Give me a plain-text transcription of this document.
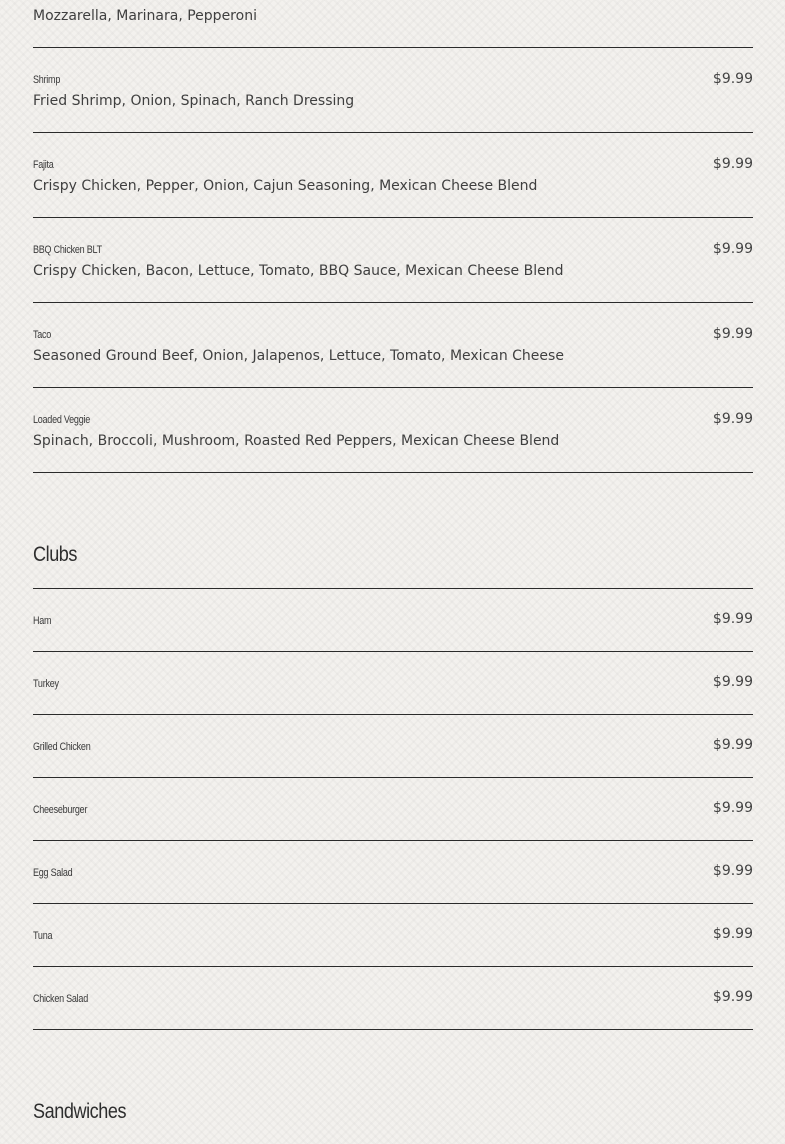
Mozzarella, Marinara, Pepperoni
Shrimp	$9.99
Fried Shrimp, Onion, Spinach, Ranch Dressing
Fajita	$9.99
Crispy Chicken, Pepper, Onion, Cajun Seasoning, Mexican Cheese Blend
BBQ Chicken BLT	$9.99
Crispy Chicken, Bacon, Lettuce, Tomato, BBQ Sauce, Mexican Cheese Blend
Taco	$9.99
Seasoned Ground Beef, Onion, Jalapenos, Lettuce, Tomato, Mexican Cheese
Loaded Veggie	$9.99
Spinach, Broccoli, Mushroom, Roasted Red Peppers, Mexican Cheese Blend
Clubs
Ham	$9.99
Turkey	$9.99
Grilled Chicken	$9.99
Cheeseburger	$9.99
Egg Salad	$9.99
Tuna	$9.99
Chicken Salad	$9.99
Sandwiches
